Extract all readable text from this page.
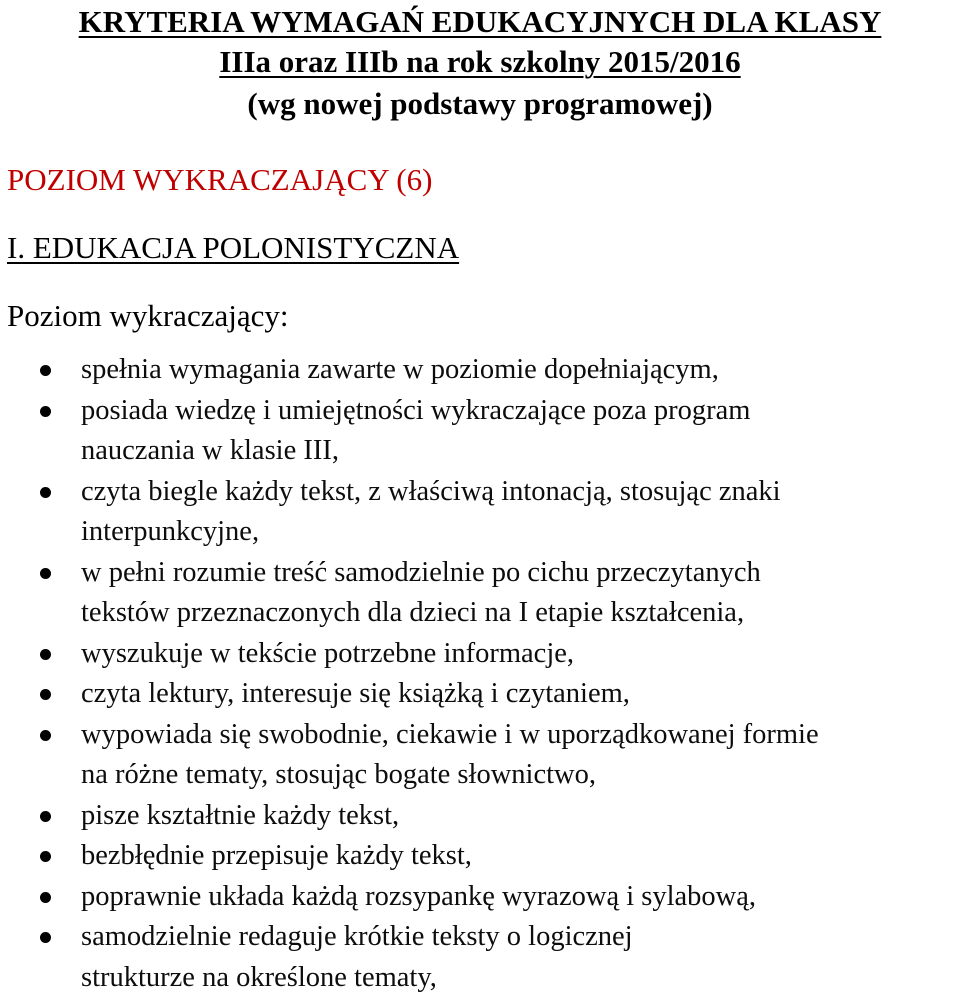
KRYTERIA WYMAGAŃ EDUKACYJNYCH DLA KLASY
IIIa oraz IIIb na rok szkolny 2015/2016
(wg nowej podstawy programowej)
POZIOM WYKRACZAJĄCY (6)
I. EDUKACJA POLONISTYCZNA
Poziom wykraczający:
spełnia wymagania zawarte w poziomie dopełniającym,
posiada wiedzę i umiejętności wykraczające poza program
nauczania w klasie III,
czyta biegle każdy tekst, z właściwą intonacją, stosując znaki
interpunkcyjne,
w pełni rozumie treść samodzielnie po cichu przeczytanych
tekstów przeznaczonych dla dzieci na I etapie kształcenia,
wyszukuje w tekście potrzebne informacje,
czyta lektury, interesuje się książką i czytaniem,
wypowiada się swobodnie, ciekawie i w uporządkowanej formie
na różne tematy, stosując bogate słownictwo,
pisze kształtnie każdy tekst,
bezbłędnie przepisuje każdy tekst,
poprawnie układa każdą rozsypankę wyrazową i sylabową,
samodzielnie redaguje krótkie teksty o logicznej
strukturze na określone tematy,
